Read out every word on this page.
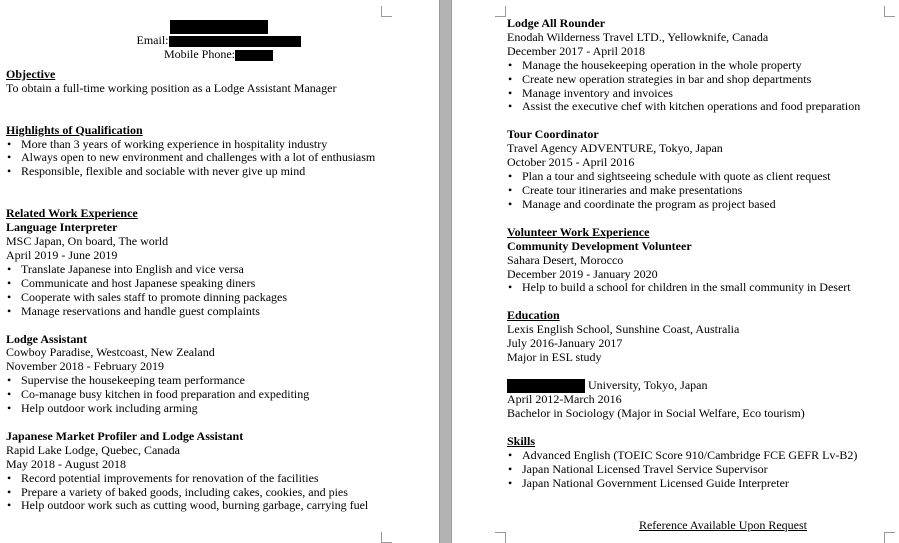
Email:
Mobile Phone:
Objective
To obtain a full-time working position as a Lodge Assistant Manager
Highlights of Qualification
• More than 3 years of working experience in hospitality industry
• Always open to new environment and challenges with a lot of enthusiasm
• Responsible, flexible and sociable with never give up mind
Related Work Experience
Language Interpreter
MSC Japan, On board, The world
April 2019 - June 2019
• Translate Japanese into English and vice versa
• Communicate and host Japanese speaking diners
• Cooperate with sales staff to promote dinning packages
• Manage reservations and handle guest complaints
Lodge Assistant
Cowboy Paradise, Westcoast, New Zealand
November 2018 - February 2019
• Supervise the housekeeping team performance
• Co-manage busy kitchen in food preparation and expediting
• Help outdoor work including arming
Japanese Market Profiler and Lodge Assistant
Rapid Lake Lodge, Quebec, Canada
May 2018 - August 2018
• Record potential improvements for renovation of the facilities
• Prepare a variety of baked goods, including cakes, cookies, and pies
• Help outdoor work such as cutting wood, burning garbage, carrying fuel
Lodge All Rounder
Enodah Wilderness Travel LTD., Yellowknife, Canada
December 2017 - April 2018
• Manage the housekeeping operation in the whole property
• Create new operation strategies in bar and shop departments
• Manage inventory and invoices
• Assist the executive chef with kitchen operations and food preparation
Tour Coordinator
Travel Agency ADVENTURE, Tokyo, Japan
October 2015 - April 2016
• Plan a tour and sightseeing schedule with quote as client request
• Create tour itineraries and make presentations
• Manage and coordinate the program as project based
Volunteer Work Experience
Community Development Volunteer
Sahara Desert, Morocco
December 2019 - January 2020
• Help to build a school for children in the small community in Desert
Education
Lexis English School, Sunshine Coast, Australia
July 2016-January 2017
Major in ESL study
University, Tokyo, Japan
April 2012-March 2016
Bachelor in Sociology (Major in Social Welfare, Eco tourism)
Skills
• Advanced English (TOEIC Score 910/Cambridge FCE GEFR Lv-B2)
• Japan National Licensed Travel Service Supervisor
• Japan National Government Licensed Guide Interpreter
Reference Available Upon Request
